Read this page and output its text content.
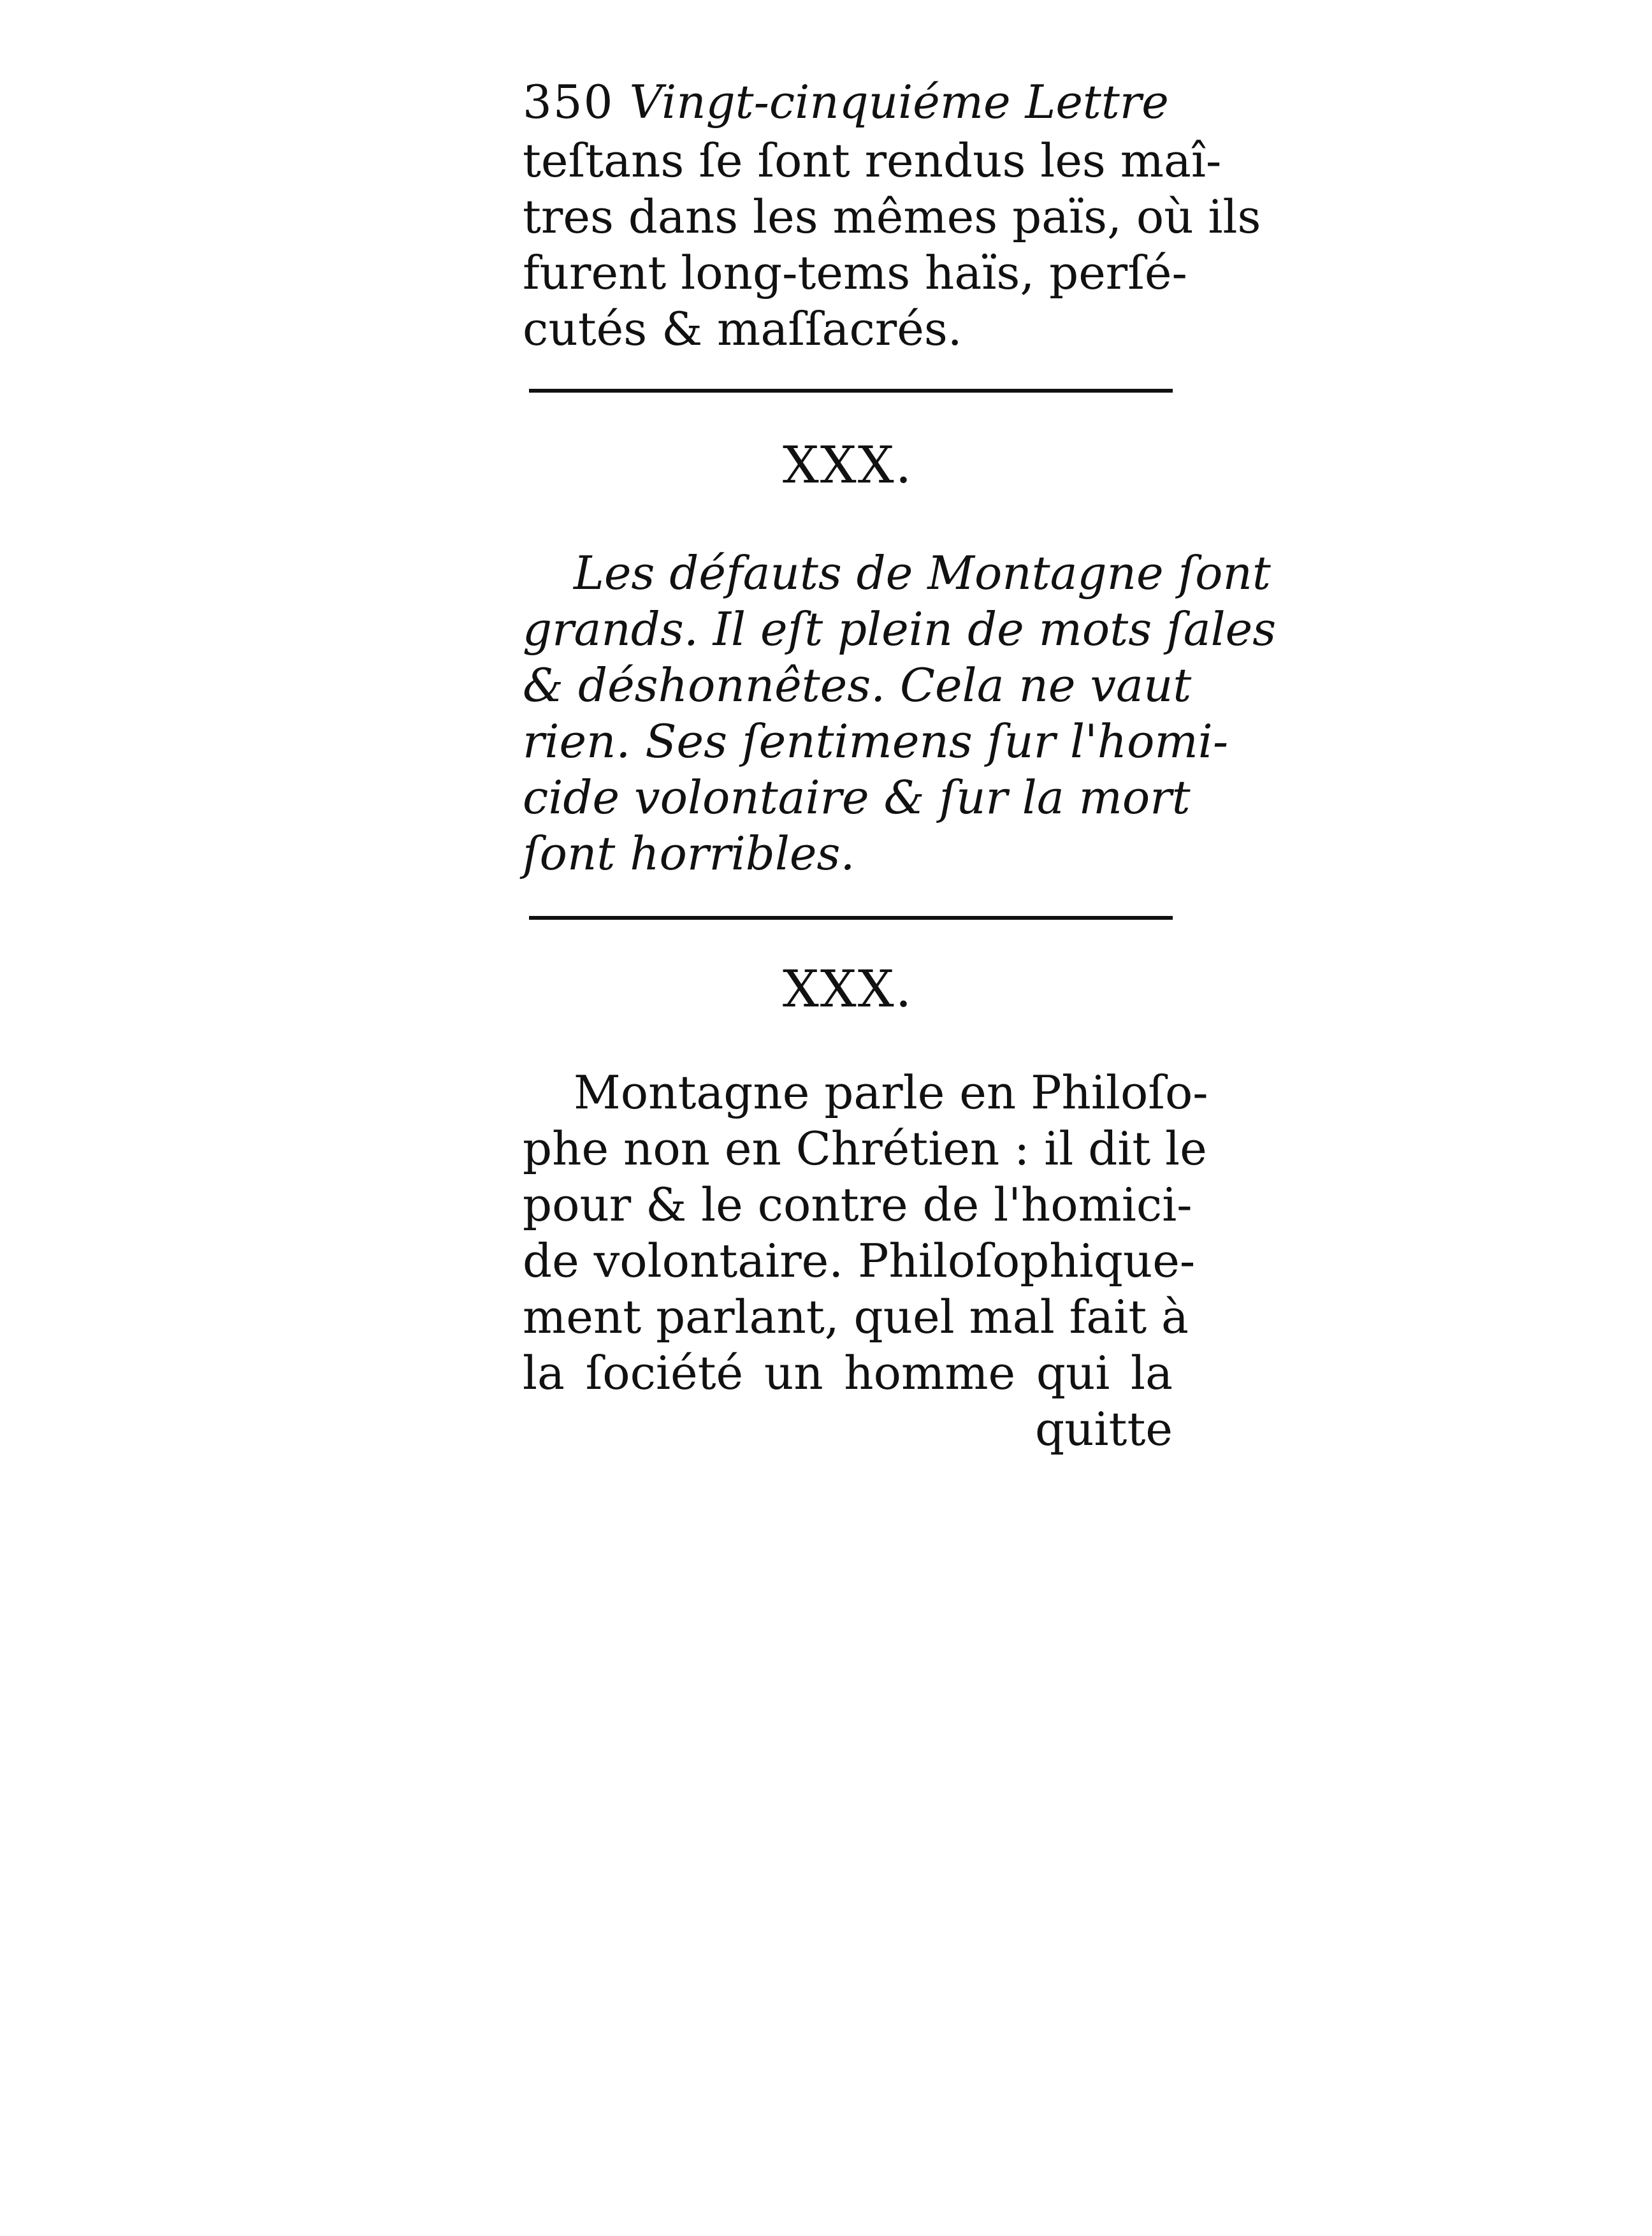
350 Vingt-cinquiéme Lettre
teſtans ſe ſont rendus les maî-
tres dans les mêmes païs, où ils
furent long-tems haïs, perſé-
cutés & maſſacrés.
XXX.
Les défauts de Montagne ſont
grands. Il eſt plein de mots ſales
& déshonnêtes. Cela ne vaut
rien. Ses ſentimens ſur l'homi-
cide volontaire & ſur la mort
ſont horribles.
XXX.
Montagne parle en Philoſo-
phe non en Chrétien : il dit le
pour & le contre de l'homici-
de volontaire. Philoſophique-
ment parlant, quel mal fait à
la ſociété un homme qui la
quitte
